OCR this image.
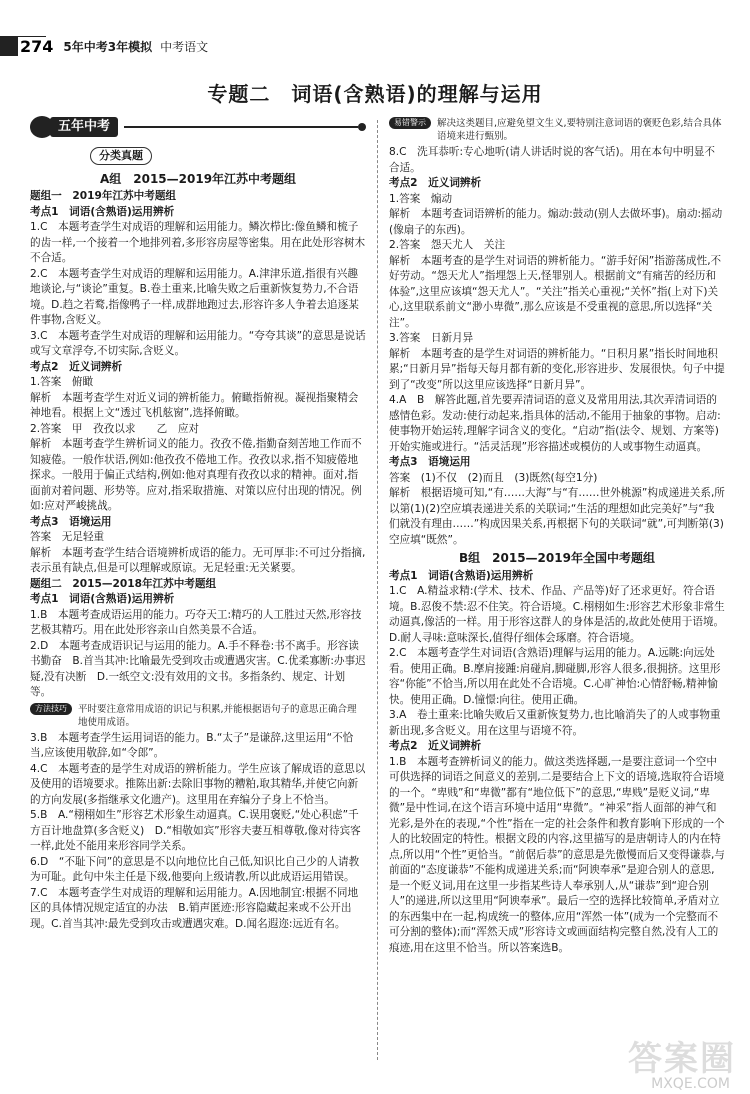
274 5年中考3年模拟 中考语文
专题二　词语(含熟语)的理解与运用
五年中考
分类真题
A组　2015—2019年江苏中考题组
题组一　2019年江苏中考题组
考点1　词语(含熟语)运用辨析
1.C　本题考查学生对成语的理解和运用能力。鳞次栉比:像鱼鳞和梳子的齿一样,一个接着一个地排列着,多形容房屋等密集。用在此处形容树木不合适。
2.C　本题考查学生对成语的理解和运用能力。A.津津乐道,指很有兴趣地谈论,与“谈论”重复。B.卷土重来,比喻失败之后重新恢复势力,不合语境。D.趋之若鹜,指像鸭子一样,成群地跑过去,形容许多人争着去追逐某件事物,含贬义。
3.C　本题考查学生对成语的理解和运用能力。“夸夸其谈”的意思是说话或写文章浮夸,不切实际,含贬义。
考点2　近义词辨析
1.答案　俯瞰
解析　本题考查学生对近义词的辨析能力。俯瞰指俯视。凝视指聚精会神地看。根据上文“透过飞机舷窗”,选择俯瞰。
2.答案　甲　孜孜以求　　乙　应对
解析　本题考查学生辨析词义的能力。孜孜不倦,指勤奋刻苦地工作而不知疲倦。一般作状语,例如:他孜孜不倦地工作。孜孜以求,指不知疲倦地探求。一般用于偏正式结构,例如:他对真理有孜孜以求的精神。面对,指面前对着问题、形势等。应对,指采取措施、对策以应付出现的情况。例如:应对严峻挑战。
考点3　语境运用
答案　无足轻重
解析　本题考查学生结合语境辨析成语的能力。无可厚非:不可过分指摘,表示虽有缺点,但是可以理解或原谅。无足轻重:无关紧要。
题组二　2015—2018年江苏中考题组
考点1　词语(含熟语)运用辨析
1.B　本题考查成语运用的能力。巧夺天工:精巧的人工胜过天然,形容技艺极其精巧。用在此处形容亲山自然美景不合适。
2.D　本题考查成语识记与运用的能力。A.手不释卷:书不离手。形容读书勤奋　B.首当其冲:比喻最先受到攻击或遭遇灾害。C.优柔寡断:办事迟疑,没有决断　D.一纸空文:没有效用的文书。多指条约、规定、计划等。
方法技巧	平时要注意常用成语的识记与积累,并能根据语句子的意思正确合理地使用成语。
3.B　本题考查学生运用词语的能力。B.“太子”是谦辞,这里运用“不恰当,应该使用敬辞,如“令郎”。
4.C　本题考查的是学生对成语的辨析能力。学生应该了解成语的意思以及使用的语境要求。推陈出新:去除旧事物的糟粕,取其精华,并使它向新的方向发展(多指继承文化遗产)。这里用在弃编分子身上不恰当。
5.B　A.“栩栩如生”形容艺术形象生动逼真。C.误用褒贬,“处心积虑”千方百计地盘算(多含贬义)　D.“相敬如宾”形容夫妻互相尊敬,像对待宾客一样,此处不能用来形容同学关系。
6.D　“不耻下问”的意思是不以向地位比自己低,知识比自己少的人请教为可耻。此句中朱主任是下级,他要向上级请教,所以此成语运用错误。
7.C　本题考查学生对成语的理解和运用能力。A.因地制宜:根据不同地区的具体情况规定适宜的办法　B.销声匿迹:形容隐藏起来或不公开出现。C.首当其冲:最先受到攻击或遭遇灾难。D.闻名遐迩:远近有名。
易错警示	解决这类题目,应避免望文生义,要特别注意词语的褒贬色彩,结合具体语境来进行甄别。
8.C　洗耳恭听:专心地听(请人讲话时说的客气话)。用在本句中明显不合适。
考点2　近义词辨析
1.答案　煽动
解析　本题考查词语辨析的能力。煽动:鼓动(别人去做坏事)。扇动:摇动(像扇子的东西)。
2.答案　怨天尤人　关注
解析　本题考查的是学生对词语的辨析能力。“游手好闲”指游荡成性,不好劳动。“怨天尤人”指埋怨上天,怪罪别人。根据前文“有痛苦的经历和体验”,这里应该填“怨天尤人”。“关注”指关心重视;“关怀”指(上对下)关心,这里联系前文“渺小卑微”,那么应该是不受重视的意思,所以选择“关注”。
3.答案　日新月异
解析　本题考查的是学生对词语的辨析能力。“日积月累”指长时间地积累;“日新月异”指每天每月都有新的变化,形容进步、发展很快。句子中提到了“改变”所以这里应该选择“日新月异”。
4.A　B　解答此题,首先要弄清词语的意义及常用用法,其次弄清词语的感情色彩。发动:使行动起来,指具体的活动,不能用于抽象的事物。启动:使事物开始运转,理解字词含义的变化。“启动”指(法令、规划、方案等)开始实施或进行。“活灵活现”形容描述或模仿的人或事物生动逼真。
考点3　语境运用
答案　(1)不仅　(2)而且　(3)既然(每空1分)
解析　根据语境可知,“有……大海”与“有……世外桃源”构成递进关系,所以第(1)(2)空应填表递进关系的关联词;“生活的理想如此完美好”与“我们就没有理由……”构成因果关系,再根据下句的关联词“就”,可判断第(3)空应填“既然”。
B组　2015—2019年全国中考题组
考点1　词语(含熟语)运用辨析
1.C　A.精益求精:(学术、技术、作品、产品等)好了还求更好。符合语境。B.忍俊不禁:忍不住笑。符合语境。C.栩栩如生:形容艺术形象非常生动逼真,像活的一样。用于形容这群人的身体是活的,故此处使用于语境。D.耐人寻味:意味深长,值得仔细体会琢磨。符合语境。
2.C　本题考查学生对词语(含熟语)理解与运用的能力。A.远眺:向远处看。使用正确。B.摩肩接踵:肩碰肩,脚碰脚,形容人很多,很拥挤。这里形容“你能”不恰当,所以用在此处不合语境。C.心旷神怡:心情舒畅,精神愉快。使用正确。D.憧憬:向往。使用正确。
3.A　卷土重来:比喻失败后又重新恢复势力,也比喻消失了的人或事物重新出现,多含贬义。用在这里与语境不符。
考点2　近义词辨析
1.B　本题考查辨析词义的能力。做这类选择题,一是要注意词一个空中可供选择的词语之间意义的差别,二是要结合上下文的语境,选取符合语境的一个。“卑贱”和“卑微”都有“地位低下”的意思,“卑贱”是贬义词,“卑微”是中性词,在这个语言环境中适用“卑微”。“神采”指人面部的神气和光彩,是外在的表现,“个性”指在一定的社会条件和教育影响下形成的一个人的比较固定的特性。根据文段的内容,这里描写的是唐朝诗人的内在特点,所以用“个性”更恰当。“前倨后恭”的意思是先傲慢而后又变得谦恭,与前面的“态度谦恭”不能构成递进关系;而“阿谀奉承”是迎合别人的意思,是一个贬义词,用在这里一步指某些诗人奉承别人,从“谦恭”到“迎合别人”的递进,所以这里用“阿谀奉承”。最后一空的选择比较简单,矛盾对立的东西集中在一起,构成统一的整体,应用“浑然一体”(成为一个完整而不可分割的整体);而“浑然天成”形容诗文或画面结构完整自然,没有人工的痕迹,用在这里不恰当。所以答案选B。
答案圈
MXQE.COM
